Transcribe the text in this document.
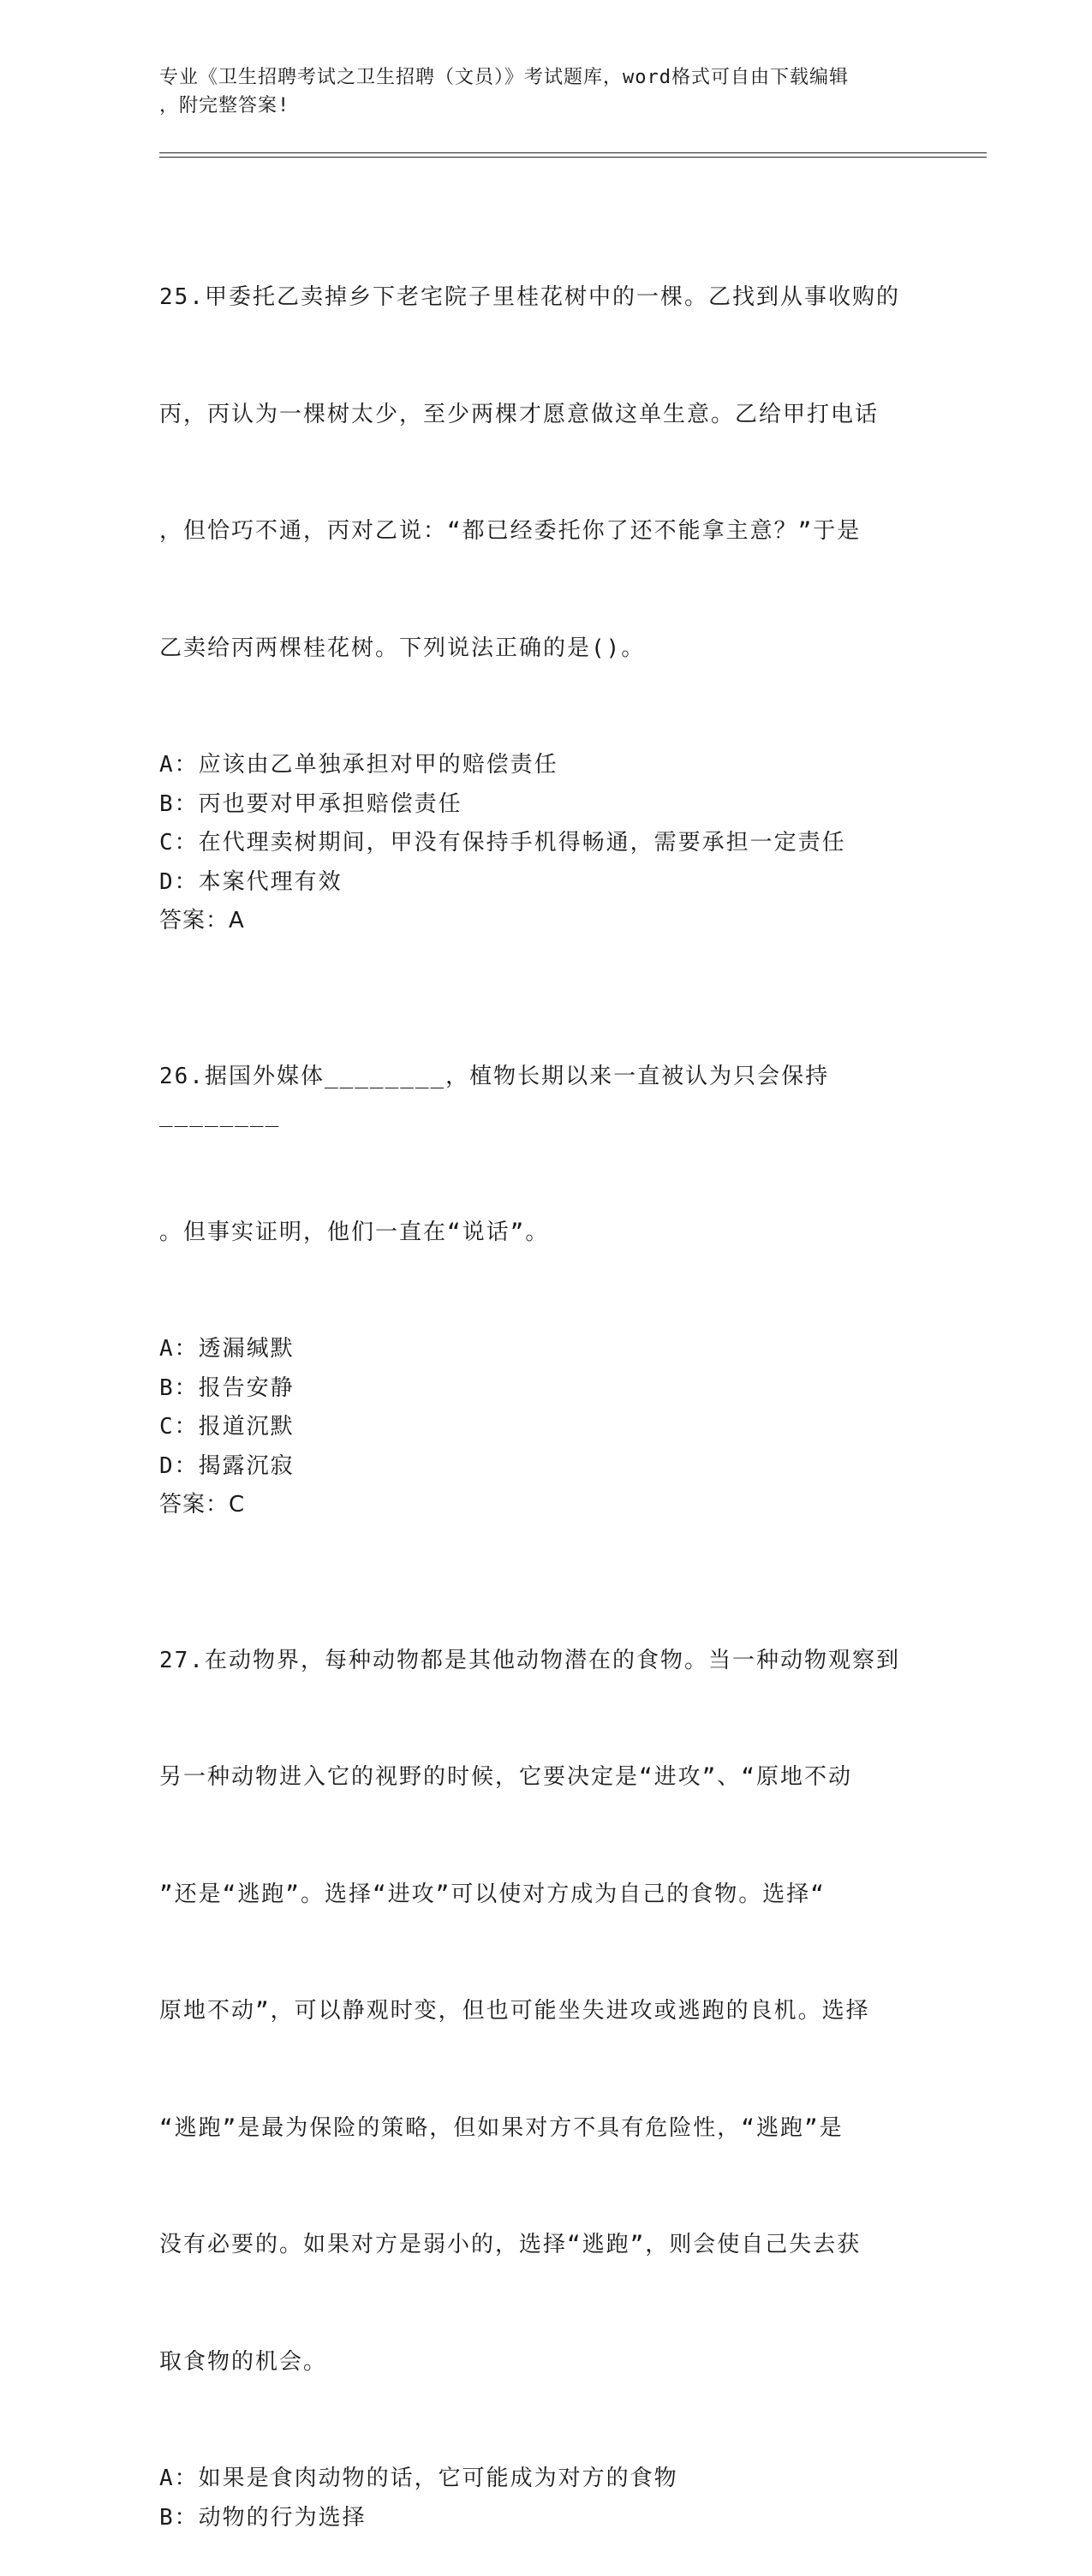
专业《卫生招聘考试之卫生招聘（文员）》考试题库，word格式可自由下载编辑
，附完整答案!

25.甲委托乙卖掉乡下老宅院子里桂花树中的一棵。乙找到从事收购的

丙，丙认为一棵树太少，至少两棵才愿意做这单生意。乙给甲打电话

，但恰巧不通，丙对乙说：“都已经委托你了还不能拿主意？”于是

乙卖给丙两棵桂花树。下列说法正确的是()。

A：应该由乙单独承担对甲的赔偿责任
B：丙也要对甲承担赔偿责任
C：在代理卖树期间，甲没有保持手机得畅通，需要承担一定责任
D：本案代理有效
答案：A

26.据国外媒体________，植物长期以来一直被认为只会保持________

。但事实证明，他们一直在“说话”。

A：透漏缄默
B：报告安静
C：报道沉默
D：揭露沉寂
答案：C

27.在动物界，每种动物都是其他动物潜在的食物。当一种动物观察到

另一种动物进入它的视野的时候，它要决定是“进攻”、“原地不动

”还是“逃跑”。选择“进攻”可以使对方成为自己的食物。选择“

原地不动”，可以静观时变，但也可能坐失进攻或逃跑的良机。选择

“逃跑”是最为保险的策略，但如果对方不具有危险性，“逃跑”是

没有必要的。如果对方是弱小的，选择“逃跑”，则会使自己失去获

取食物的机会。

A：如果是食肉动物的话，它可能成为对方的食物
B：动物的行为选择
